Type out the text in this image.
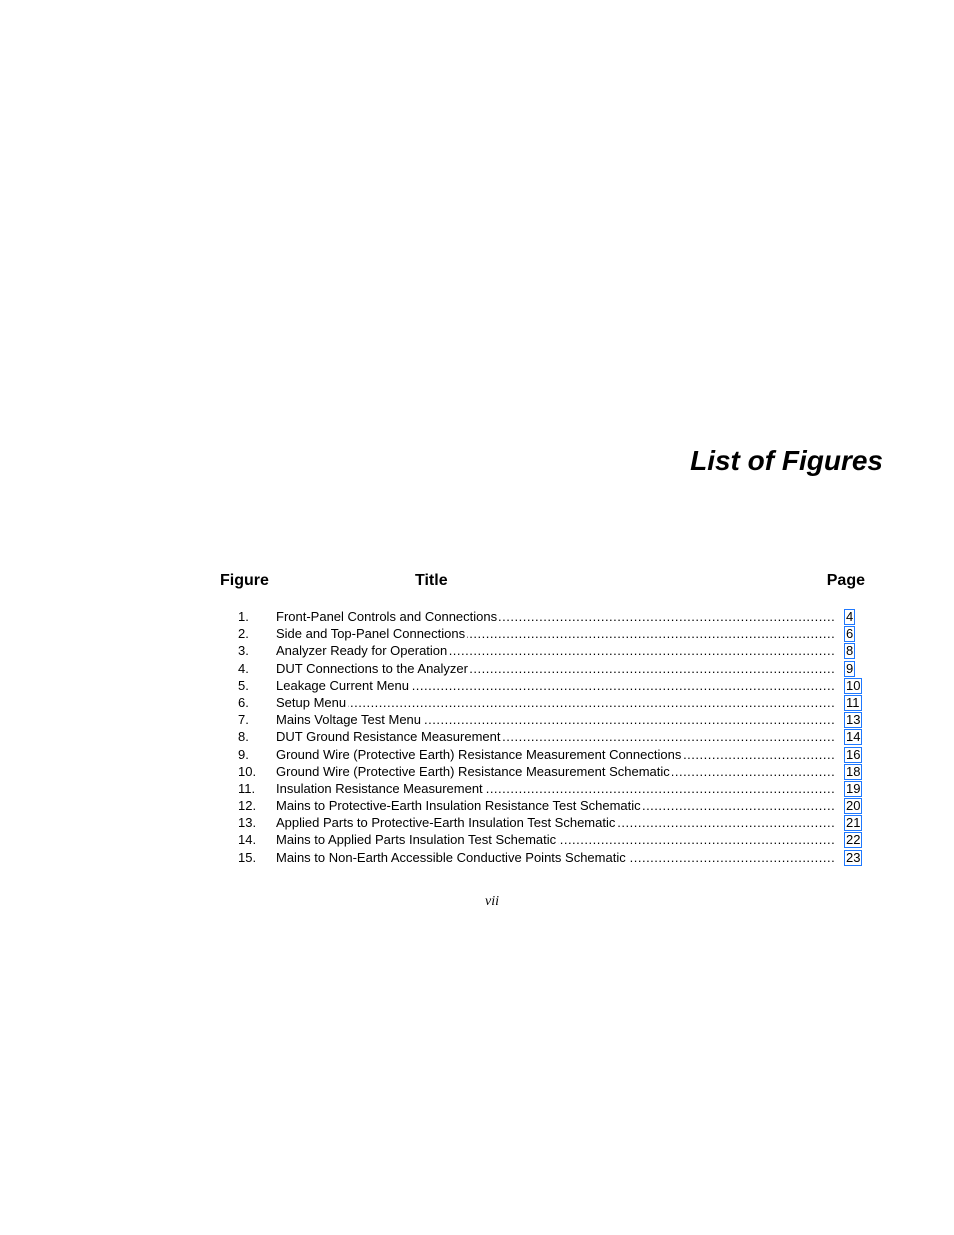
List of Figures
Figure	Title	Page
1.	Front-Panel Controls and Connections .....	4
2.	Side and Top-Panel Connections .....	6
3.	Analyzer Ready for Operation .....	8
4.	DUT Connections to the Analyzer .....	9
5.	Leakage Current Menu .....	10
6.	Setup Menu .....	11
7.	Mains Voltage Test Menu .....	13
8.	DUT Ground Resistance Measurement .....	14
9.	Ground Wire (Protective Earth) Resistance Measurement Connections .....	16
10.	Ground Wire (Protective Earth) Resistance Measurement Schematic .....	18
11.	Insulation Resistance Measurement .....	19
12.	Mains to Protective-Earth Insulation Resistance Test Schematic .....	20
13.	Applied Parts to Protective-Earth Insulation Test Schematic .....	21
14.	Mains to Applied Parts Insulation Test Schematic .....	22
15.	Mains to Non-Earth Accessible Conductive Points Schematic .....	23
vii
